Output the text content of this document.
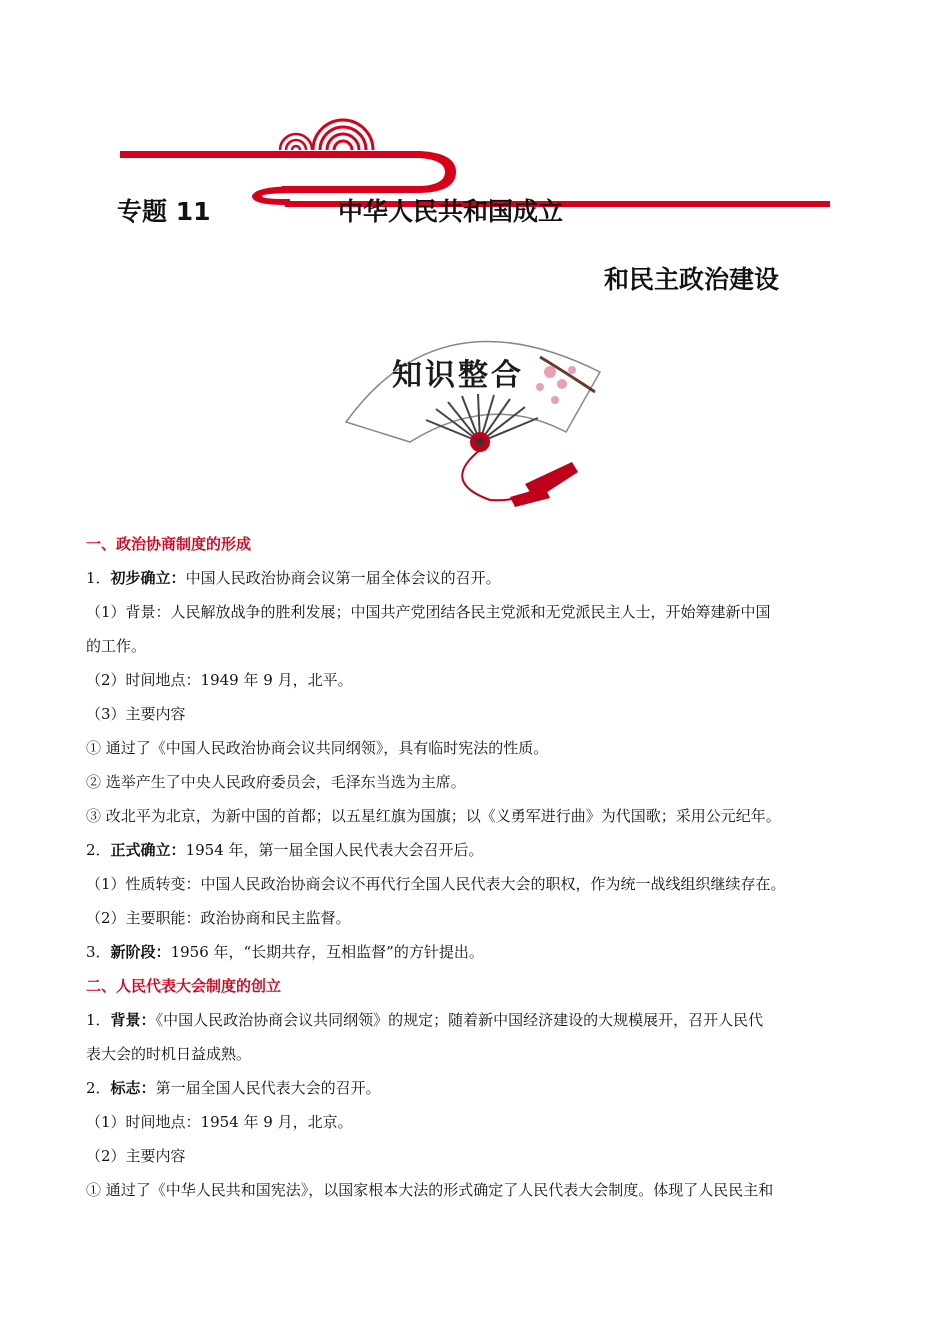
专题 11	中华人民共和国成立
和民主政治建设
知识整合
一、政治协商制度的形成
1．初步确立：中国人民政治协商会议第一届全体会议的召开。
（1）背景：人民解放战争的胜利发展；中国共产党团结各民主党派和无党派民主人士，开始筹建新中国
的工作。
（2）时间地点：1949 年 9 月，北平。
（3）主要内容
① 通过了《中国人民政治协商会议共同纲领》，具有临时宪法的性质。
② 选举产生了中央人民政府委员会，毛泽东当选为主席。
③ 改北平为北京，为新中国的首都；以五星红旗为国旗；以《义勇军进行曲》为代国歌；采用公元纪年。
2．正式确立：1954 年，第一届全国人民代表大会召开后。
（1）性质转变：中国人民政治协商会议不再代行全国人民代表大会的职权，作为统一战线组织继续存在。
（2）主要职能：政治协商和民主监督。
3．新阶段：1956 年，“长期共存，互相监督”的方针提出。
二、人民代表大会制度的创立
1．背景：《中国人民政治协商会议共同纲领》的规定；随着新中国经济建设的大规模展开，召开人民代
表大会的时机日益成熟。
2．标志：第一届全国人民代表大会的召开。
（1）时间地点：1954 年 9 月，北京。
（2）主要内容
① 通过了《中华人民共和国宪法》，以国家根本大法的形式确定了人民代表大会制度。体现了人民民主和
